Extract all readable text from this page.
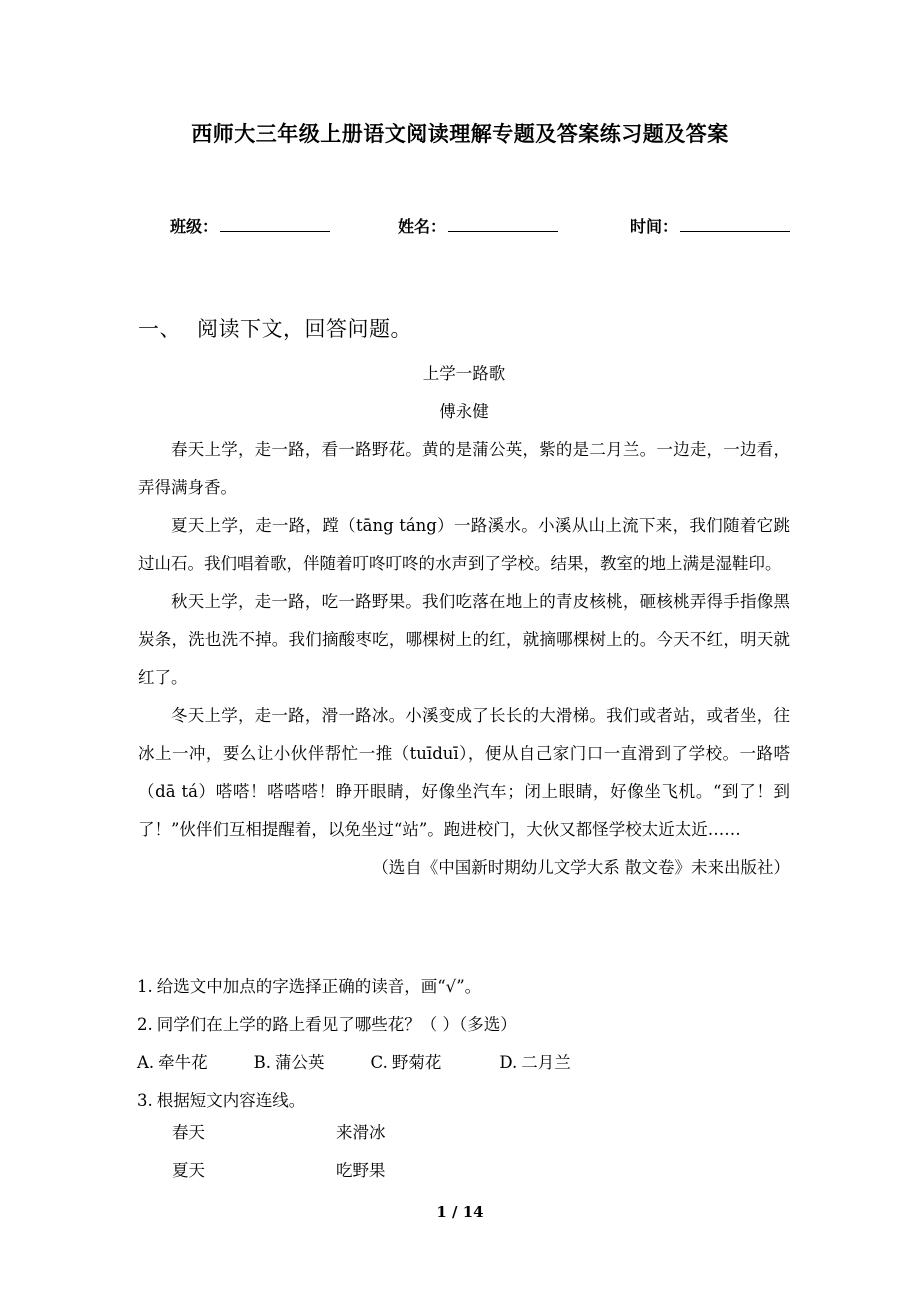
西师大三年级上册语文阅读理解专题及答案练习题及答案
班级：	姓名：	时间：
一、 阅读下文，回答问题。
上学一路歌
傅永健

春天上学，走一路，看一路野花。黄的是蒲公英，紫的是二月兰。一边走，一边看，弄得满身香。

夏天上学，走一路，蹚（tāng táng）一路溪水。小溪从山上流下来，我们随着它跳过山石。我们唱着歌，伴随着叮咚叮咚的水声到了学校。结果，教室的地上满是湿鞋印。

秋天上学，走一路，吃一路野果。我们吃落在地上的青皮核桃，砸核桃弄得手指像黑炭条，洗也洗不掉。我们摘酸枣吃，哪棵树上的红，就摘哪棵树上的。今天不红，明天就红了。

冬天上学，走一路，滑一路冰。小溪变成了长长的大滑梯。我们或者站，或者坐，往冰上一冲，要么让小伙伴帮忙一推（tuīduī），便从自己家门口一直滑到了学校。一路嗒（dā tá）嗒嗒！嗒嗒嗒！睁开眼睛，好像坐汽车；闭上眼睛，好像坐飞机。“到了！到了！”伙伴们互相提醒着，以免坐过“站”。跑进校门，大伙又都怪学校太近太近……

（选自《中国新时期幼儿文学大系 散文卷》未来出版社）

1. 给选文中加点的字选择正确的读音，画“√”。
2. 同学们在上学的路上看见了哪些花？（ ）（多选）
A. 牵牛花	B. 蒲公英	C. 野菊花	D. 二月兰
3. 根据短文内容连线。
春天	来滑冰
夏天	吃野果
1 / 14
